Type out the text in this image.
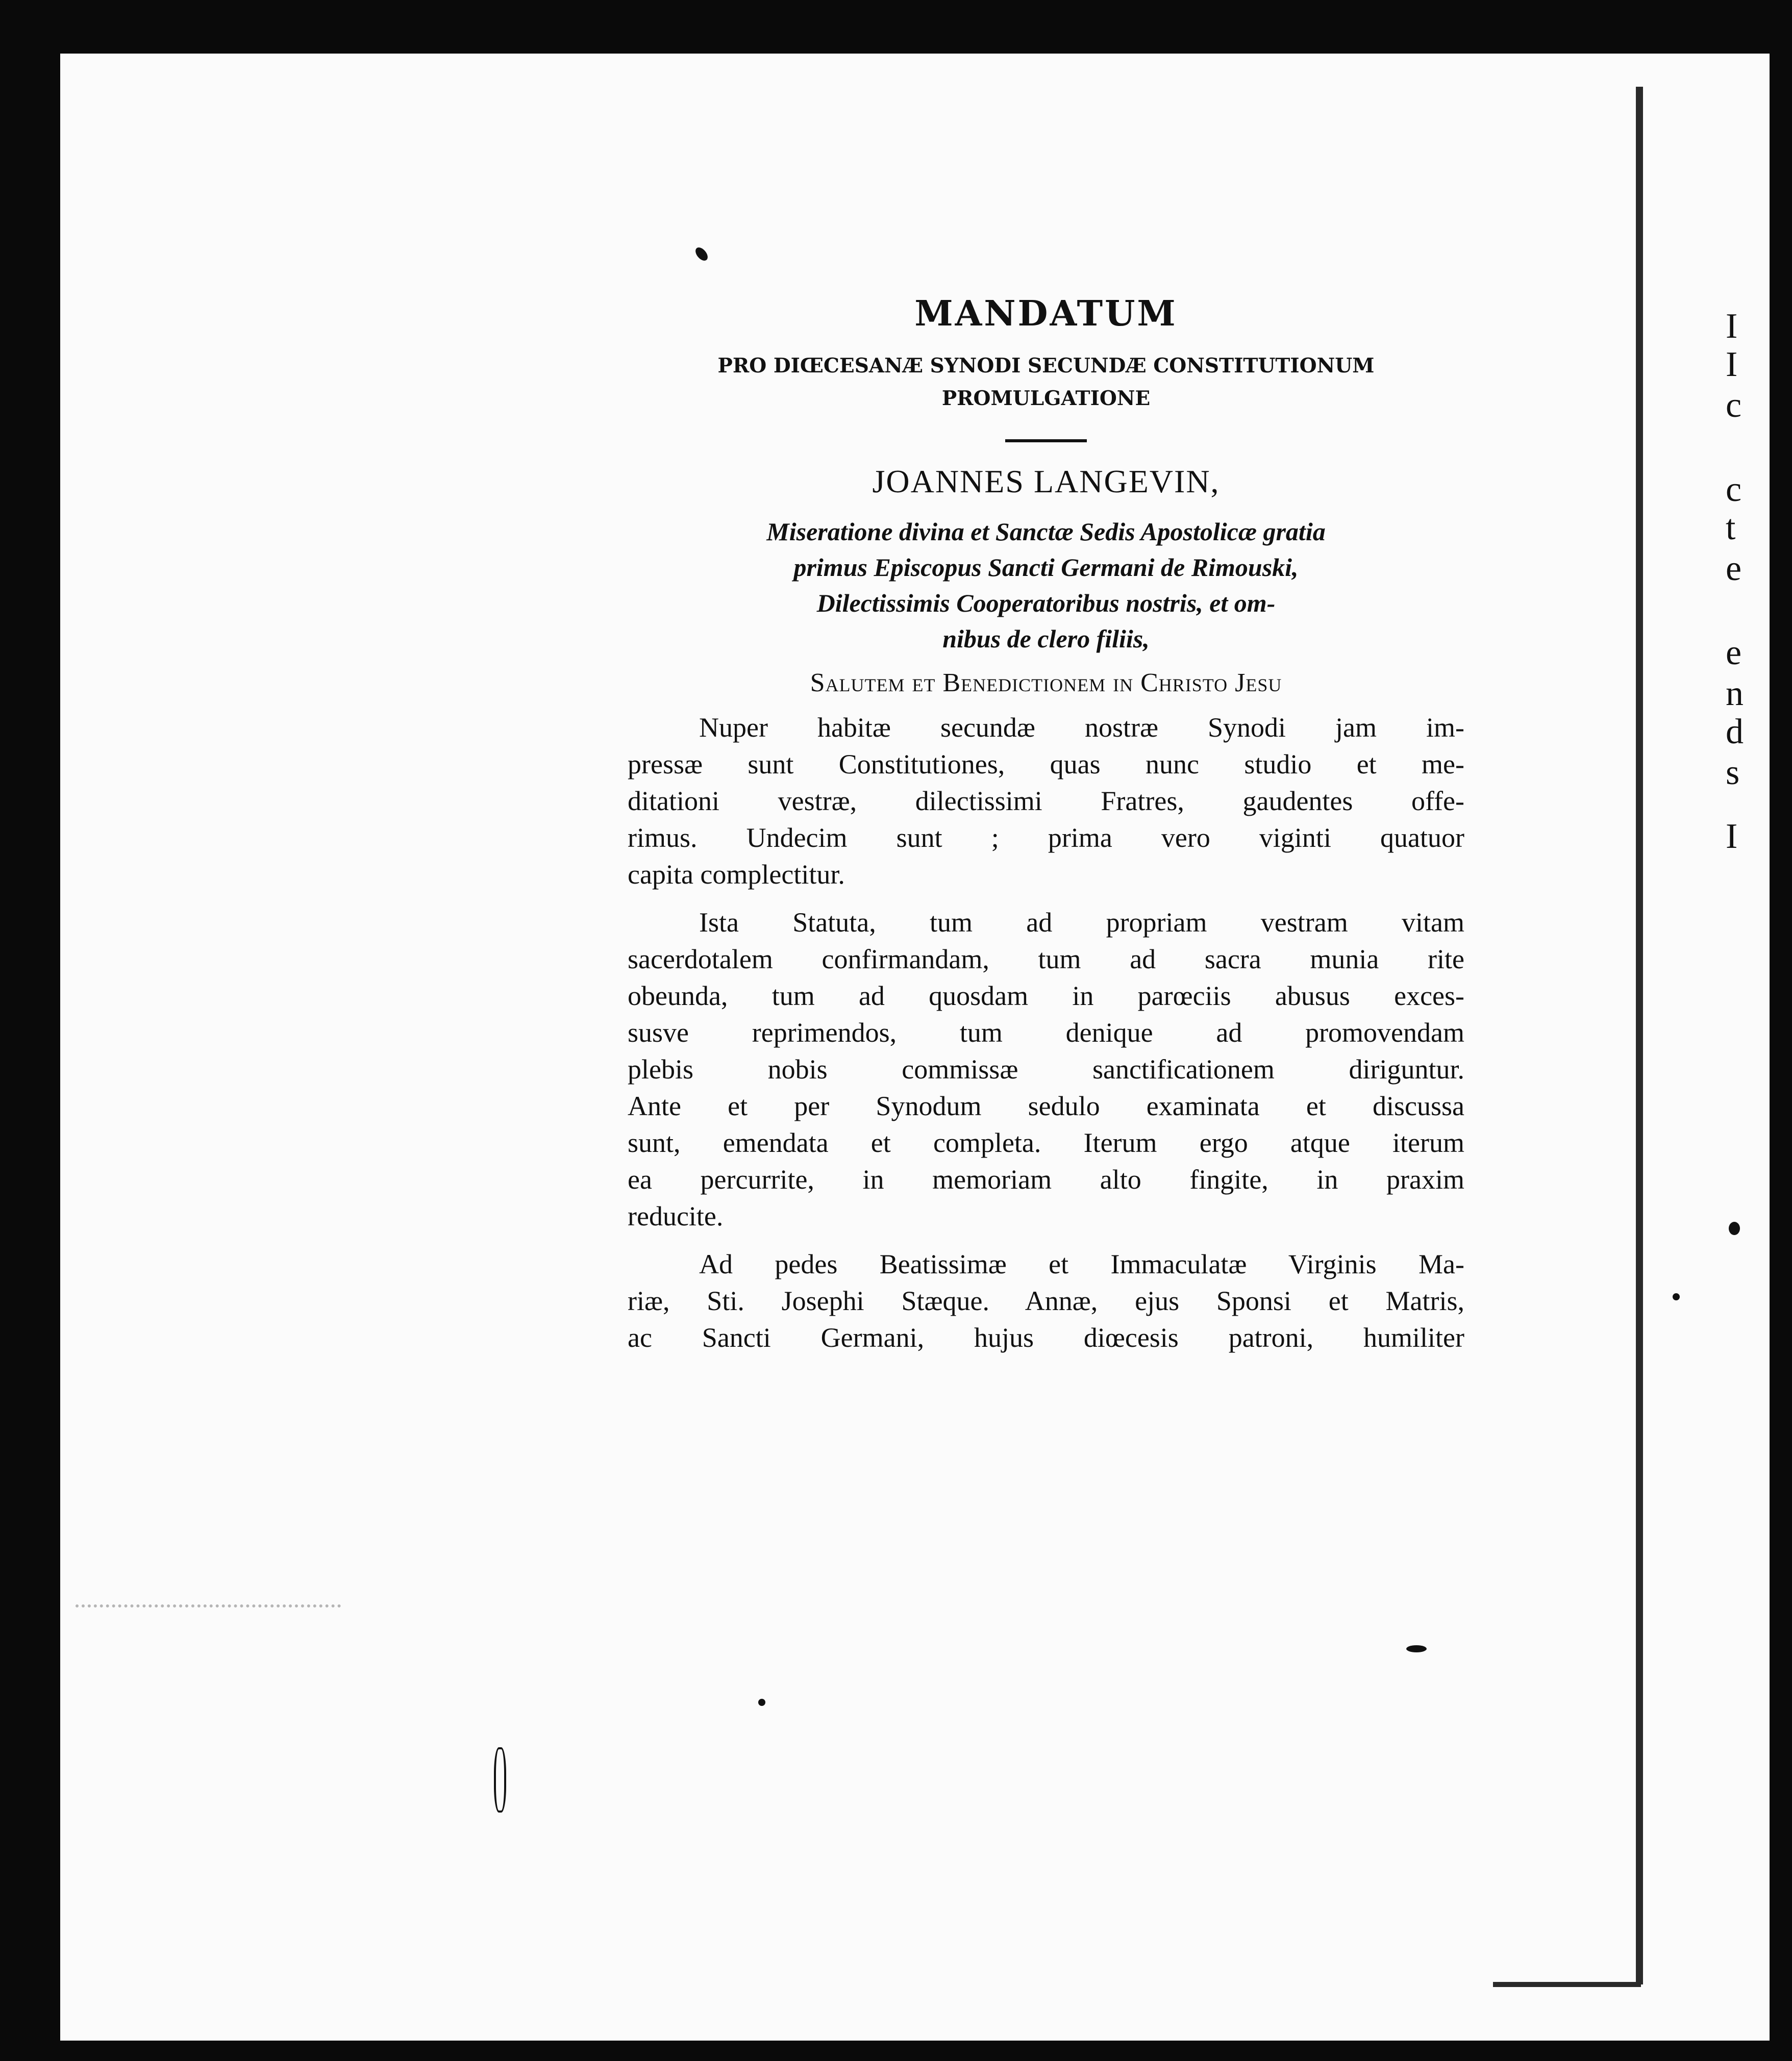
I
I
c
c
t
e
e
n
d
s
I
MANDATUM
PRO DIŒCESANÆ SYNODI SECUNDÆ CONSTITUTIONUM
PROMULGATIONE

JOANNES LANGEVIN,

Miseratione divina et Sanctæ Sedis Apostolicæ gratia

primus Episcopus Sancti Germani de Rimouski,

Dilectissimis Cooperatoribus nostris, et om-

nibus de clero filiis,

Salutem et Benedictionem in Christo Jesu

Nuper habitæ secundæ nostræ Synodi jam im-

pressæ sunt Constitutiones, quas nunc studio et me-

ditationi vestræ, dilectissimi Fratres, gaudentes offe-

rimus. Undecim sunt ; prima vero viginti quatuor

capita complectitur.

Ista Statuta, tum ad propriam vestram vitam

sacerdotalem confirmandam, tum ad sacra munia rite

obeunda, tum ad quosdam in parœciis abusus exces-

susve reprimendos, tum denique ad promovendam

plebis nobis commissæ sanctificationem diriguntur.

Ante et per Synodum sedulo examinata et discussa

sunt, emendata et completa. Iterum ergo atque iterum

ea percurrite, in memoriam alto fingite, in praxim

reducite.

Ad pedes Beatissimæ et Immaculatæ Virginis Ma-

riæ, Sti. Josephi Stæque. Annæ, ejus Sponsi et Matris,

ac Sancti Germani, hujus diœcesis patroni, humiliter
